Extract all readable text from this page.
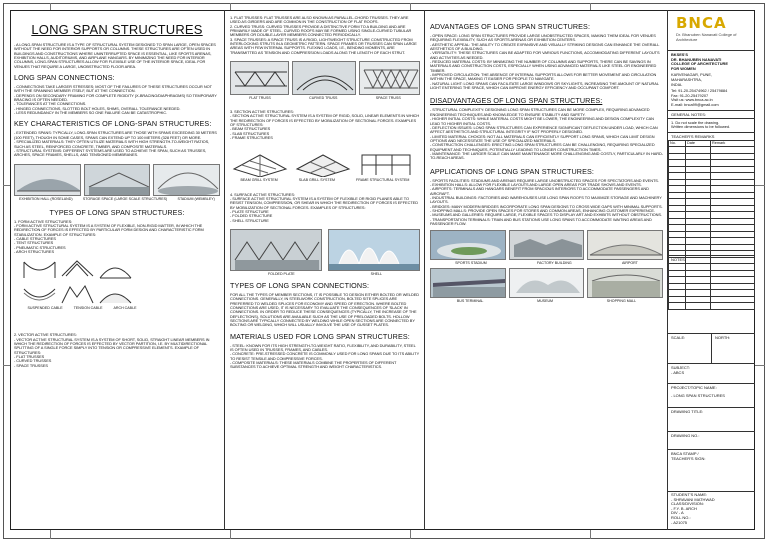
LONG SPAN STRUCTURES

- A LONG-SPAN STRUCTURE IS A TYPE OF STRUCTURAL SYSTEM DESIGNED TO SPAN LARGE, OPEN SPACES WITHOUT THE NEED FOR INTERIOR SUPPORTS OR COLUMNS. THESE STRUCTURES ARE OFTEN USED IN BUILDINGS AND CONSTRUCTIONS WHERE UNINTERRUPTED SPACE IS ESSENTIAL, LIKE SPORTS ARENAS, EXHIBITION HALLS, AUDITORIUMS, AND AIRPLANE HANGARS. BY MINIMIZING THE NEED FOR INTERIOR COLUMNS, LONG-SPAN STRUCTURES ALLOW FOR FLEXIBLE USE OF THE INTERIOR SPACE, IDEAL FOR VENUES THAT REQUIRE A LARGE, UNOBSTRUCTED FLOOR AREA.

LONG SPAN CONNECTIONS:

- CONNECTIONS TAKE LARGER STRESSES; MOST OF THE FAILURES OF THESE STRUCTURES OCCUR NOT WITH THE SPANNING MEMBER ITSELF, BUT AT THE CONNECTION.
- DEPENDS ON SECONDARY FRAMING FOR COMPLETE RIGIDITY (X-BRACING/DIAPHRAGMS) SO TEMPORARY BRACING IS OFTEN NEEDED.
- TOLERANCES AT THE CONNECTIONS.
- HINGED CONNECTIONS, SLOTTED BOLT HOLES, SHIMS, OVERALL TOLERANCE NEEDED.
- LESS REDUNDANCY IN THE MEMBERS SO ONE FAILURE CAN BE CATASTROPHIC.

KEY CHARACTERISTICS OF LONG-SPAN STRUCTURES:

- EXTENDED SPANS: TYPICALLY, LONG-SPAN STRUCTURES ARE THOSE WITH SPANS EXCEEDING 30 METERS (100 FEET), THOUGH IN SOME CASES, SPANS CAN EXTEND UP TO 100 METERS (328 FEET) OR MORE.
- SPECIALIZED MATERIALS: THEY OFTEN UTILIZE MATERIALS WITH HIGH STRENGTH-TO-WEIGHT RATIOS, SUCH AS STEEL, REINFORCED CONCRETE, TIMBER, AND COMPOSITE MATERIALS.
- STRUCTURAL SYSTEMS: DIFFERENT SYSTEMS ARE USED TO ACHIEVE THE SPAN, SUCH AS TRUSSES, ARCHES, SPACE FRAMES, SHELLS, AND TENSIONED MEMBRANES.

EXHIBITION HALL (ROSELAND)	STORAGE SPACE (LARGE SCALE STRUCTURES)	STADIUM (WEMBLEY)
TYPES OF LONG SPAN STRUCTURES:

1. FORM ACTIVE STRUCTURES:
- FORM ACTIVE STRUCTURAL SYSTEM IS A SYSTEM OF FLEXIBLE, NON-RIGID MATTER, IN WHICH THE REDIRECTION OF FORCES IS EFFECTED BY PARTICULAR FORM DESIGN AND CHARACTERISTIC FORM STABILIZATION. EXAMPLE OF STRUCTURES:
- CABLE STRUCTURES
- TENT STRUCTURES
- PNEUMATIC STRUCTURES
- ARCH STRUCTURES

SUSPENDED CABLE	TENSION CABLE	ARCH CABLE

2. VECTOR ACTIVE STRUCTURES:
- VECTOR ACTIVE STRUCTURAL SYSTEM IS A SYSTEM OF SHORT, SOLID, STRAIGHT LINEAR MEMBERS IN WHICH THE REDIRECTION OF FORCES IS EFFECTED BY VECTOR PARTITION, I.E. BY MULTIDIRECTIONAL SPLITTING OF A SINGLE FORCE SIMPLY INTO TENSION OR COMPRESSIVE ELEMENTS. EXAMPLE OF STRUCTURES:
- FLAT TRUSSES
- CURVED TRUSSES
- SPACE TRUSSES

1. FLAT TRUSSES: FLAT TRUSSES ARE ALSO KNOWN AS PARALLEL-CHORD TRUSSES. THEY ARE USED AS GIRDERS AND ARE COMMON IN THE CONSTRUCTION OF FLAT ROOFS.
2. CURVED TRUSS: CURVED TRUSSES PROVIDE A DISTINCTIVE FORM TO A BUILDING AND ARE PRIMARILY MADE OF STEEL. CURVED ROOFS MAY BE FORMED USING SINGLE-CURVED TUBULAR MEMBERS OR DOUBLE-LAYER MEMBERS CONNECTED PERIODICALLY.
3. SPACE TRUSSES: A SPACE TRUSS IS A RIGID, LIGHTWEIGHT STRUCTURE CONSTRUCTED FROM INTERLOCKING STRUTS IN A GEOMETRIC PATTERN. SPACE FRAMES OR TRUSSES CAN SPAN LARGE AREAS WITH FEW INTERNAL SUPPORTS. FLEXING LOADS, I.E., BENDING MOMENTS, ARE TRANSMITTED AS TENSION AND COMPRESSION LOADS ALONG THE LENGTH OF EACH STRUT.

FLAT TRUSS	CURVED TRUSS	SPACE TRUSS

3. SECTION ACTIVE STRUCTURES:
- SECTION ACTIVE STRUCTURAL SYSTEM IS A SYSTEM OF RIGID, SOLID, LINEAR ELEMENTS IN WHICH THE REDIRECTION OF FORCES IS EFFECTED BY MOBILIZATION OF SECTIONAL FORCES. EXAMPLES OF STRUCTURES:
- BEAM STRUCTURES
- SLAB STRUCTURES
- FRAME STRUCTURES

BEAM GRILL SYSTEM	SLAB GRILL SYSTEM	FRAME STRUCTURAL SYSTEM

4. SURFACE ACTIVE STRUCTURES:
- SURFACE ACTIVE STRUCTURAL SYSTEM IS A SYSTEM OF FLEXIBLE OR RIGID PLANES ABLE TO RESIST TENSION, COMPRESSION, OR SHEAR IN WHICH THE REDIRECTION OF FORCES IS EFFECTED BY MOBILIZATION OF SECTIONAL FORCES. EXAMPLES OF STRUCTURES:
- PLATE STRUCTURE
- FOLDED STRUCTURE
- SHELL STRUCTURE

FOLDED PLATE	SHELL
TYPES OF LONG SPAN CONNECTIONS:

FOR ALL THE TYPES OF MEMBER SECTIONS, IT IS POSSIBLE TO DESIGN EITHER BOLTED OR WELDED CONNECTIONS. GENERALLY, IN STEELWORK CONSTRUCTION, BOLTED SITE SPLICES ARE PREFERRED TO WELDED SPLICES FOR ECONOMY AND SPEED OF ERECTION. WHERE BOLTED CONNECTIONS ARE USED, IT IS NECESSARY TO EVALUATE THE CONSEQUENCES OF 'SLACK' IN CONNECTIONS. IN ORDER TO REDUCE THESE CONSEQUENCES (TYPICALLY, THE INCREASE OF THE DEFLECTIONS), SOLUTIONS ARE AVAILABLE SUCH AS THE USE OF PRELOADED BOLTS. HOLLOW SECTIONS ARE TYPICALLY CONNECTED BY WELDING WHILE OPEN SECTIONS ARE CONNECTED BY BOLTING OR WELDING, WHICH WILL USUALLY INVOLVE THE USE OF GUSSET PLATES.

MATERIALS USED FOR LONG SPAN STRUCTURES:

- STEEL: KNOWN FOR ITS HIGH STRENGTH-TO-WEIGHT RATIO, FLEXIBILITY, AND DURABILITY, STEEL IS OFTEN USED IN TRUSSES, FRAMES, AND CABLES.
- CONCRETE: PRE-STRESSED CONCRETE IS COMMONLY USED FOR LONG SPANS DUE TO ITS ABILITY TO RESIST TENSILE AND COMPRESSIVE FORCES.
- COMPOSITE MATERIALS: THESE MATERIALS COMBINE THE PROPERTIES OF DIFFERENT SUBSTANCES TO ACHIEVE OPTIMAL STRENGTH AND WEIGHT CHARACTERISTICS.

ADVANTAGES OF LONG SPAN STRUCTURES:

- OPEN SPACE: LONG SPAN STRUCTURES PROVIDE LARGE UNOBSTRUCTED SPACES, MAKING THEM IDEAL FOR VENUES REQUIRING FLEXIBILITY, SUCH AS SPORTS ARENAS OR EXHIBITION CENTERS.
- AESTHETIC APPEAL: THE ABILITY TO CREATE EXPANSIVE AND VISUALLY STRIKING DESIGNS CAN ENHANCE THE OVERALL AESTHETICS OF A BUILDING.
- VERSATILITY: THESE STRUCTURES CAN BE ADAPTED FOR VARIOUS FUNCTIONS, ACCOMMODATING DIFFERENT LAYOUTS AND ACTIVITIES AS NEEDED.
- REDUCED MATERIAL COSTS: BY MINIMIZING THE NUMBER OF COLUMNS AND SUPPORTS, THERE CAN BE SAVINGS IN MATERIALS AND CONSTRUCTION COSTS, ESPECIALLY WHEN USING ADVANCED MATERIALS LIKE STEEL OR ENGINEERED TIMBER.
- IMPROVED CIRCULATION: THE ABSENCE OF INTERNAL SUPPORTS ALLOWS FOR BETTER MOVEMENT AND CIRCULATION WITHIN THE SPACE, MAKING IT EASIER FOR PEOPLE TO NAVIGATE.
- NATURAL LIGHT: LONG SPANS CAN FACILITATE LARGE WINDOWS OR SKYLIGHTS, INCREASING THE AMOUNT OF NATURAL LIGHT ENTERING THE SPACE, WHICH CAN IMPROVE ENERGY EFFICIENCY AND OCCUPANT COMFORT.

DISADVANTAGES OF LONG SPAN STRUCTURES:

- STRUCTURAL COMPLEXITY: DESIGNING LONG SPAN STRUCTURES CAN BE MORE COMPLEX, REQUIRING ADVANCED ENGINEERING TECHNIQUES AND KNOWLEDGE TO ENSURE STABILITY AND SAFETY.
- HIGHER INITIAL COSTS: WHILE MATERIAL COSTS MIGHT BE LOWER, THE ENGINEERING AND DESIGN COMPLEXITY CAN LEAD TO HIGHER INITIAL COSTS.
- DEFLECTION ISSUES: LONG SPAN STRUCTURES CAN EXPERIENCE SIGNIFICANT DEFLECTION UNDER LOAD, WHICH CAN AFFECT AESTHETICS AND STRUCTURAL INTEGRITY IF NOT PROPERLY DESIGNED.
- LIMITED MATERIAL CHOICES: NOT ALL MATERIALS CAN EFFICIENTLY SUPPORT LONG SPANS, WHICH CAN LIMIT DESIGN OPTIONS AND NECESSITATE THE USE OF SPECIALIZED MATERIALS.
- CONSTRUCTION CHALLENGES: ERECTING LONG SPAN STRUCTURES CAN BE CHALLENGING, REQUIRING SPECIALIZED EQUIPMENT AND TECHNIQUES, POTENTIALLY LEADING TO LONGER CONSTRUCTION TIMES.
- MAINTENANCE: THE LARGER SCALE CAN MAKE MAINTENANCE MORE CHALLENGING AND COSTLY, PARTICULARLY IN HARD-TO-REACH AREAS.

APPLICATIONS OF LONG SPAN STRUCTURES:

- SPORTS FACILITIES: STADIUMS AND ARENAS REQUIRE LARGE UNOBSTRUCTED SPACES FOR SPECTATORS AND EVENTS.
- EXHIBITION HALLS: ALLOW FOR FLEXIBLE LAYOUTS AND LARGE OPEN AREAS FOR TRADE SHOWS AND EVENTS.
- AIRPORTS: TERMINALS AND HANGARS BENEFIT FROM SPACIOUS INTERIORS TO ACCOMMODATE PASSENGERS AND AIRCRAFT.
- INDUSTRIAL BUILDINGS: FACTORIES AND WAREHOUSES USE LONG SPAN ROOFS TO MAXIMIZE STORAGE AND MACHINERY LAYOUTS.
- BRIDGES: MANY MODERN BRIDGES INCORPORATE LONG SPAN DESIGNS TO CROSS WIDE GAPS WITH MINIMAL SUPPORTS.
- SHOPPING MALLS: PROVIDE OPEN SPACES FOR STORES AND COMMON AREAS, ENHANCING CUSTOMER EXPERIENCE.
- MUSEUMS AND GALLERIES: REQUIRE LARGE, FLEXIBLE SPACES TO DISPLAY ART AND EXHIBITS WITHOUT OBSTRUCTIONS.
- TRANSPORTATION TERMINALS: TRAIN AND BUS STATIONS USE LONG SPANS TO ACCOMMODATE WAITING AREAS AND PASSENGER FLOW.

SPORTS STADIUM	FACTORY BUILDING	AIRPORT
BUS TERMINAL	MUSEUM	SHOPPING MALL
BNCA
Dr. Bhanuben Nanavati College of Architecture
BKSES'S
DR. BHANUBEN NANAVATI
COLLEGE OF ARCHITECTURE
FOR WOMEN
KARVENAGAR, PUNE,
MAHARASHTRA,
INDIA.
Tel: 91-20-25474962 / 25479884
Fax: 91-20-25479207
Visit us: www.bnca.ac.in
E-mail: bnca99@gmail.com
GENERAL NOTES:
1. Do not scale the drawing.
Written dimensions to be followed.
TEACHER'S REMARKS
No.	Date	Remark

NOTES:
SCALE:	NORTH:
SUBJECT:
- ABCS
PROJECT/TOPIC NAME:
- LONG SPAN STRUCTURES
DRAWING TITLE:
DRAWING NO.:
BNCA STAMP /
TEACHER'S SIGN:
STUDENT'S NAME:
- SHRAVANI MATHWAD
CLASS/DIVISION:
- F.Y. B. ARCH
DIV - A
ROLL NO.:
- A21075
